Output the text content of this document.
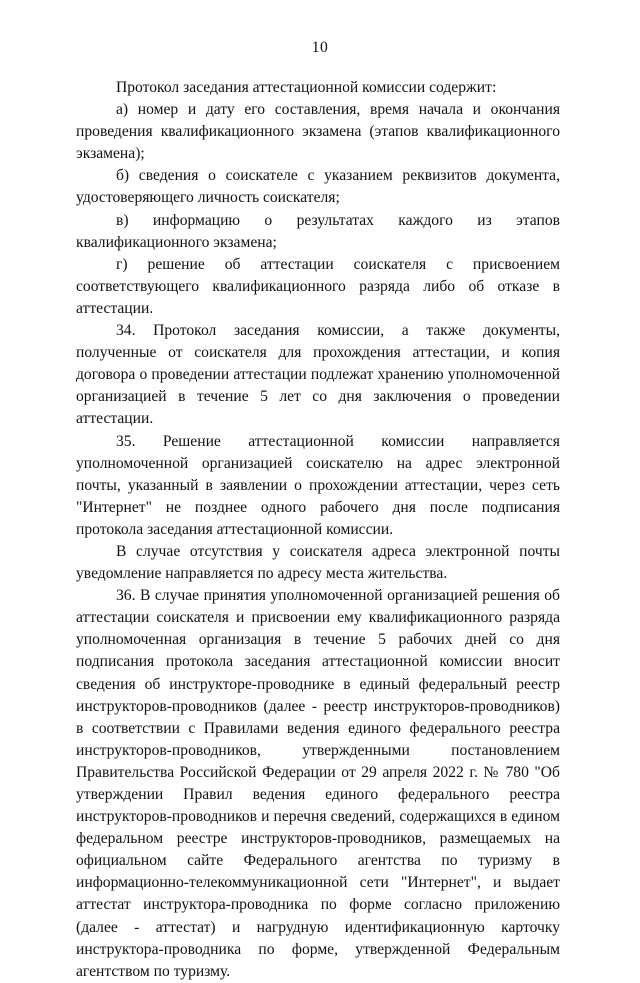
10

Протокол заседания аттестационной комиссии содержит:

а) номер и дату его составления, время начала и окончания проведения квалификационного экзамена (этапов квалификационного экзамена);

б) сведения о соискателе с указанием реквизитов документа, удостоверяющего личность соискателя;

в) информацию о результатах каждого из этапов квалификационного экзамена;

г) решение об аттестации соискателя с присвоением соответствующего квалификационного разряда либо об отказе в аттестации.

34. Протокол заседания комиссии, а также документы, полученные от соискателя для прохождения аттестации, и копия договора о проведении аттестации подлежат хранению уполномоченной организацией в течение 5 лет со дня заключения о проведении аттестации.

35. Решение аттестационной комиссии направляется уполномоченной организацией соискателю на адрес электронной почты, указанный в заявлении о прохождении аттестации, через сеть "Интернет" не позднее одного рабочего дня после подписания протокола заседания аттестационной комиссии.

В случае отсутствия у соискателя адреса электронной почты уведомление направляется по адресу места жительства.

36. В случае принятия уполномоченной организацией решения об аттестации соискателя и присвоении ему квалификационного разряда уполномоченная организация в течение 5 рабочих дней со дня подписания протокола заседания аттестационной комиссии вносит сведения об инструкторе-проводнике в единый федеральный реестр инструкторов-проводников (далее - реестр инструкторов-проводников) в соответствии с Правилами ведения единого федерального реестра инструкторов-проводников, утвержденными постановлением Правительства Российской Федерации от 29 апреля 2022 г. № 780 "Об утверждении Правил ведения единого федерального реестра инструкторов-проводников и перечня сведений, содержащихся в едином федеральном реестре инструкторов-проводников, размещаемых на официальном сайте Федерального агентства по туризму в информационно-телекоммуникационной сети "Интернет", и выдает аттестат инструктора-проводника по форме согласно приложению (далее - аттестат) и нагрудную идентификационную карточку инструктора-проводника по форме, утвержденной Федеральным агентством по туризму.
